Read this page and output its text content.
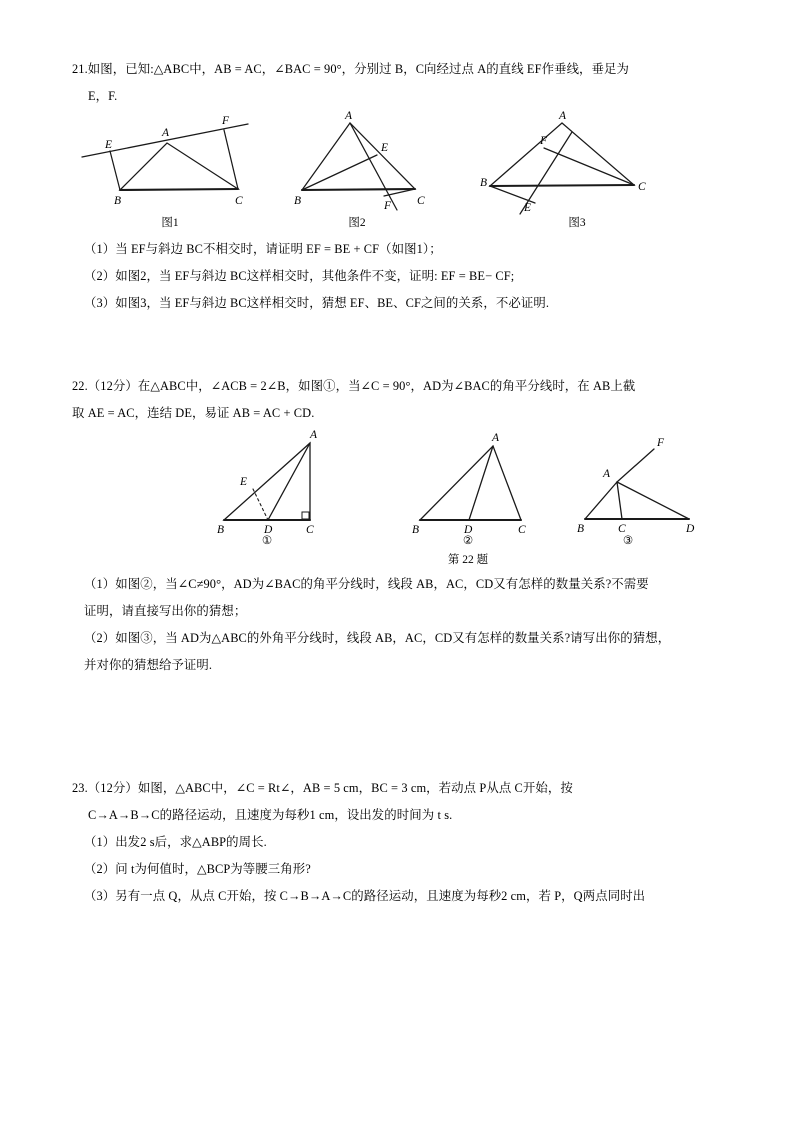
21.如图，已知:△ABC中，AB = AC，∠BAC = 90°，分别过 B，C向经过点 A的直线 EF作垂线，垂足为
E，F.
E
A
F
B	C
A
E
B	F C
A
F
B
E
C
图1	图2	图3
（1）当 EF与斜边 BC不相交时，请证明 EF = BE + CF（如图1）；
（2）如图2，当 EF与斜边 BC这样相交时，其他条件不变，证明: EF = BE− CF;
（3）如图3，当 EF与斜边 BC这样相交时，猜想 EF、BE、CF之间的关系，不必证明.
22.（12分）在△ABC中，∠ACB = 2∠B，如图①，当∠C = 90°，AD为∠BAC的角平分线时，在 AB上截
取 AE = AC，连结 DE，易证 AB = AC + CD.
A
E
B	D	C
A
B	D	C
F
A
B	C	D
①	②	③
第 22 题
（1）如图②，当∠C≠90°，AD为∠BAC的角平分线时，线段 AB，AC，CD又有怎样的数量关系?不需要
证明，请直接写出你的猜想；
（2）如图③，当 AD为△ABC的外角平分线时，线段 AB，AC，CD又有怎样的数量关系?请写出你的猜想，
并对你的猜想给予证明.
23.（12分）如图，△ABC中，∠C = Rt∠，AB = 5 cm，BC = 3 cm，若动点 P从点 C开始，按
C→A→B→C的路径运动，且速度为每秒1 cm，设出发的时间为 t s.
（1）出发2 s后，求△ABP的周长.
（2）问 t为何值时，△BCP为等腰三角形?
（3）另有一点 Q，从点 C开始，按 C→B→A→C的路径运动，且速度为每秒2 cm，若 P，Q两点同时出
